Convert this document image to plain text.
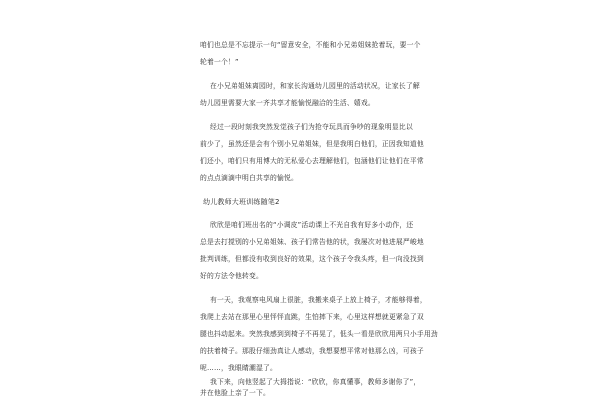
咱们也总是不忘提示一句“留意安全，不能和小兄弟姐妹抢着玩，要一个
轮着一个！”
在小兄弟姐妹离园时，和家长沟通幼儿园里的活动状况，让家长了解
幼儿园里需要大家一齐共享才能愉悦融洽的生活、嬉戏。
经过一段时刻我突然发觉孩子们为抢夺玩具而争吵的现象明显比以
前少了，虽然还是会有个别小兄弟姐妹，但是我明白他们，正因我知道他
们还小，咱们只有用博大的无私爱心去理解他们，包涵他们让他们在平常
的点点滴滴中明白共享的愉悦。
幼儿教师大班训练随笔2
欣欣是咱们班出名的“小调皮”活动课上不光自我有好多小动作，还
总是去打搅别的小兄弟姐妹、孩子们常告他的状，我屡次对他进展严峻地
批判训练，但都没有收到良好的效果，这个孩子令我头疼，但一向没找到
好的方法令他转变。
有一天，我观察电风扇上很脏，我搬来桌子上放上椅子，才能够得着，
我爬上去站在那里心里怦怦直跳，生怕摔下来，心里这样想就更紧急了双
腿也抖动起来。突然我感到到椅子不再晃了，低头一看是欣欣用两只小手用劲
的扶着椅子。那股仔细劲真让人感动，我想要想平常对他那么凶，可孩子
呢……，我眼睛潮湿了。
我下来，向他竖起了大拇指说：“欣欣，你真懂事，教师多谢你了”，
并在他脸上亲了一下。
